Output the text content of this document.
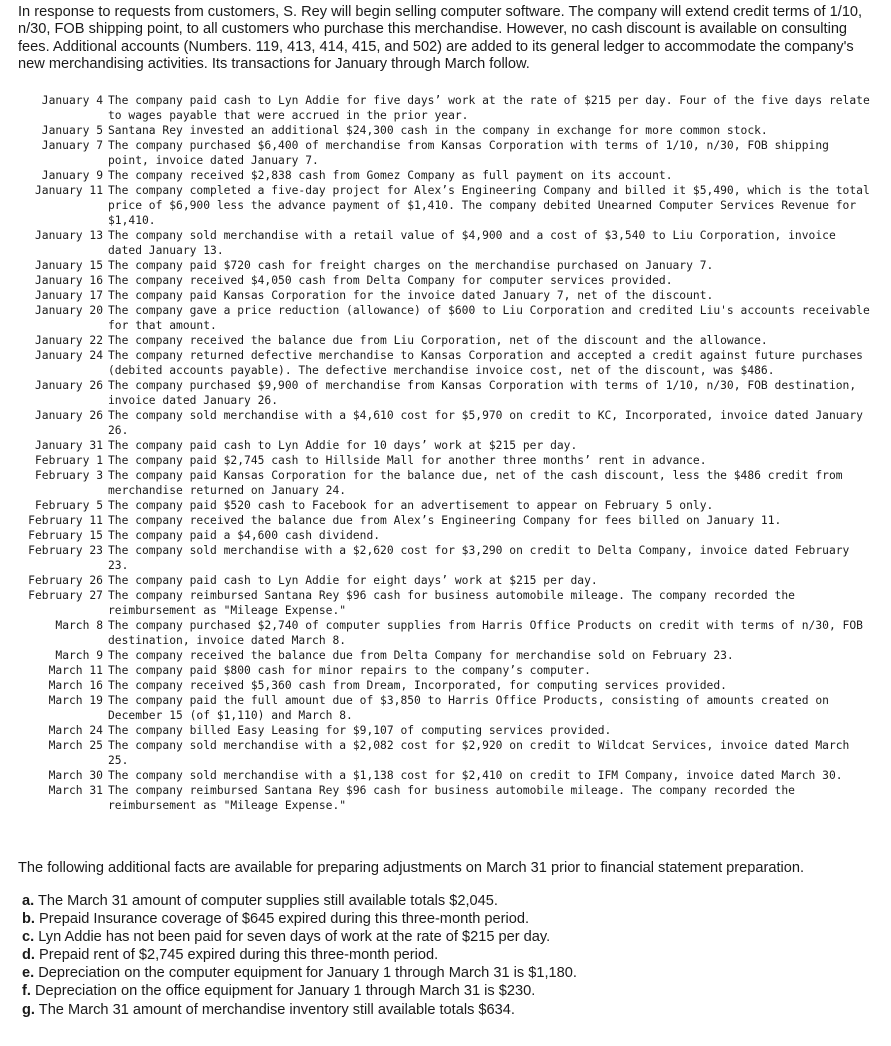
In response to requests from customers, S. Rey will begin selling computer software. The company will extend credit terms of 1/10, n/30, FOB shipping point, to all customers who purchase this merchandise. However, no cash discount is available on consulting fees. Additional accounts (Numbers. 119, 413, 414, 415, and 502) are added to its general ledger to accommodate the company's new merchandising activities. Its transactions for January through March follow.

January 4 The company paid cash to Lyn Addie for five days’ work at the rate of $215 per day. Four of the five days relate to wages payable that were accrued in the prior year.
January 5 Santana Rey invested an additional $24,300 cash in the company in exchange for more common stock.
January 7 The company purchased $6,400 of merchandise from Kansas Corporation with terms of 1/10, n/30, FOB shipping point, invoice dated January 7.
January 9 The company received $2,838 cash from Gomez Company as full payment on its account.
January 11 The company completed a five-day project for Alex’s Engineering Company and billed it $5,490, which is the total price of $6,900 less the advance payment of $1,410. The company debited Unearned Computer Services Revenue for $1,410.
January 13 The company sold merchandise with a retail value of $4,900 and a cost of $3,540 to Liu Corporation, invoice dated January 13.
January 15 The company paid $720 cash for freight charges on the merchandise purchased on January 7.
January 16 The company received $4,050 cash from Delta Company for computer services provided.
January 17 The company paid Kansas Corporation for the invoice dated January 7, net of the discount.
January 20 The company gave a price reduction (allowance) of $600 to Liu Corporation and credited Liu's accounts receivable for that amount.
January 22 The company received the balance due from Liu Corporation, net of the discount and the allowance.
January 24 The company returned defective merchandise to Kansas Corporation and accepted a credit against future purchases (debited accounts payable). The defective merchandise invoice cost, net of the discount, was $486.
January 26 The company purchased $9,900 of merchandise from Kansas Corporation with terms of 1/10, n/30, FOB destination, invoice dated January 26.
January 26 The company sold merchandise with a $4,610 cost for $5,970 on credit to KC, Incorporated, invoice dated January 26.
January 31 The company paid cash to Lyn Addie for 10 days’ work at $215 per day.
February 1 The company paid $2,745 cash to Hillside Mall for another three months’ rent in advance.
February 3 The company paid Kansas Corporation for the balance due, net of the cash discount, less the $486 credit from merchandise returned on January 24.
February 5 The company paid $520 cash to Facebook for an advertisement to appear on February 5 only.
February 11 The company received the balance due from Alex’s Engineering Company for fees billed on January 11.
February 15 The company paid a $4,600 cash dividend.
February 23 The company sold merchandise with a $2,620 cost for $3,290 on credit to Delta Company, invoice dated February 23.
February 26 The company paid cash to Lyn Addie for eight days’ work at $215 per day.
February 27 The company reimbursed Santana Rey $96 cash for business automobile mileage. The company recorded the reimbursement as "Mileage Expense."
March 8 The company purchased $2,740 of computer supplies from Harris Office Products on credit with terms of n/30, FOB destination, invoice dated March 8.
March 9 The company received the balance due from Delta Company for merchandise sold on February 23.
March 11 The company paid $800 cash for minor repairs to the company’s computer.
March 16 The company received $5,360 cash from Dream, Incorporated, for computing services provided.
March 19 The company paid the full amount due of $3,850 to Harris Office Products, consisting of amounts created on December 15 (of $1,110) and March 8.
March 24 The company billed Easy Leasing for $9,107 of computing services provided.
March 25 The company sold merchandise with a $2,082 cost for $2,920 on credit to Wildcat Services, invoice dated March 25.
March 30 The company sold merchandise with a $1,138 cost for $2,410 on credit to IFM Company, invoice dated March 30.
March 31 The company reimbursed Santana Rey $96 cash for business automobile mileage. The company recorded the reimbursement as "Mileage Expense."

The following additional facts are available for preparing adjustments on March 31 prior to financial statement preparation.

a. The March 31 amount of computer supplies still available totals $2,045.
b. Prepaid Insurance coverage of $645 expired during this three-month period.
c. Lyn Addie has not been paid for seven days of work at the rate of $215 per day.
d. Prepaid rent of $2,745 expired during this three-month period.
e. Depreciation on the computer equipment for January 1 through March 31 is $1,180.
f. Depreciation on the office equipment for January 1 through March 31 is $230.
g. The March 31 amount of merchandise inventory still available totals $634.
